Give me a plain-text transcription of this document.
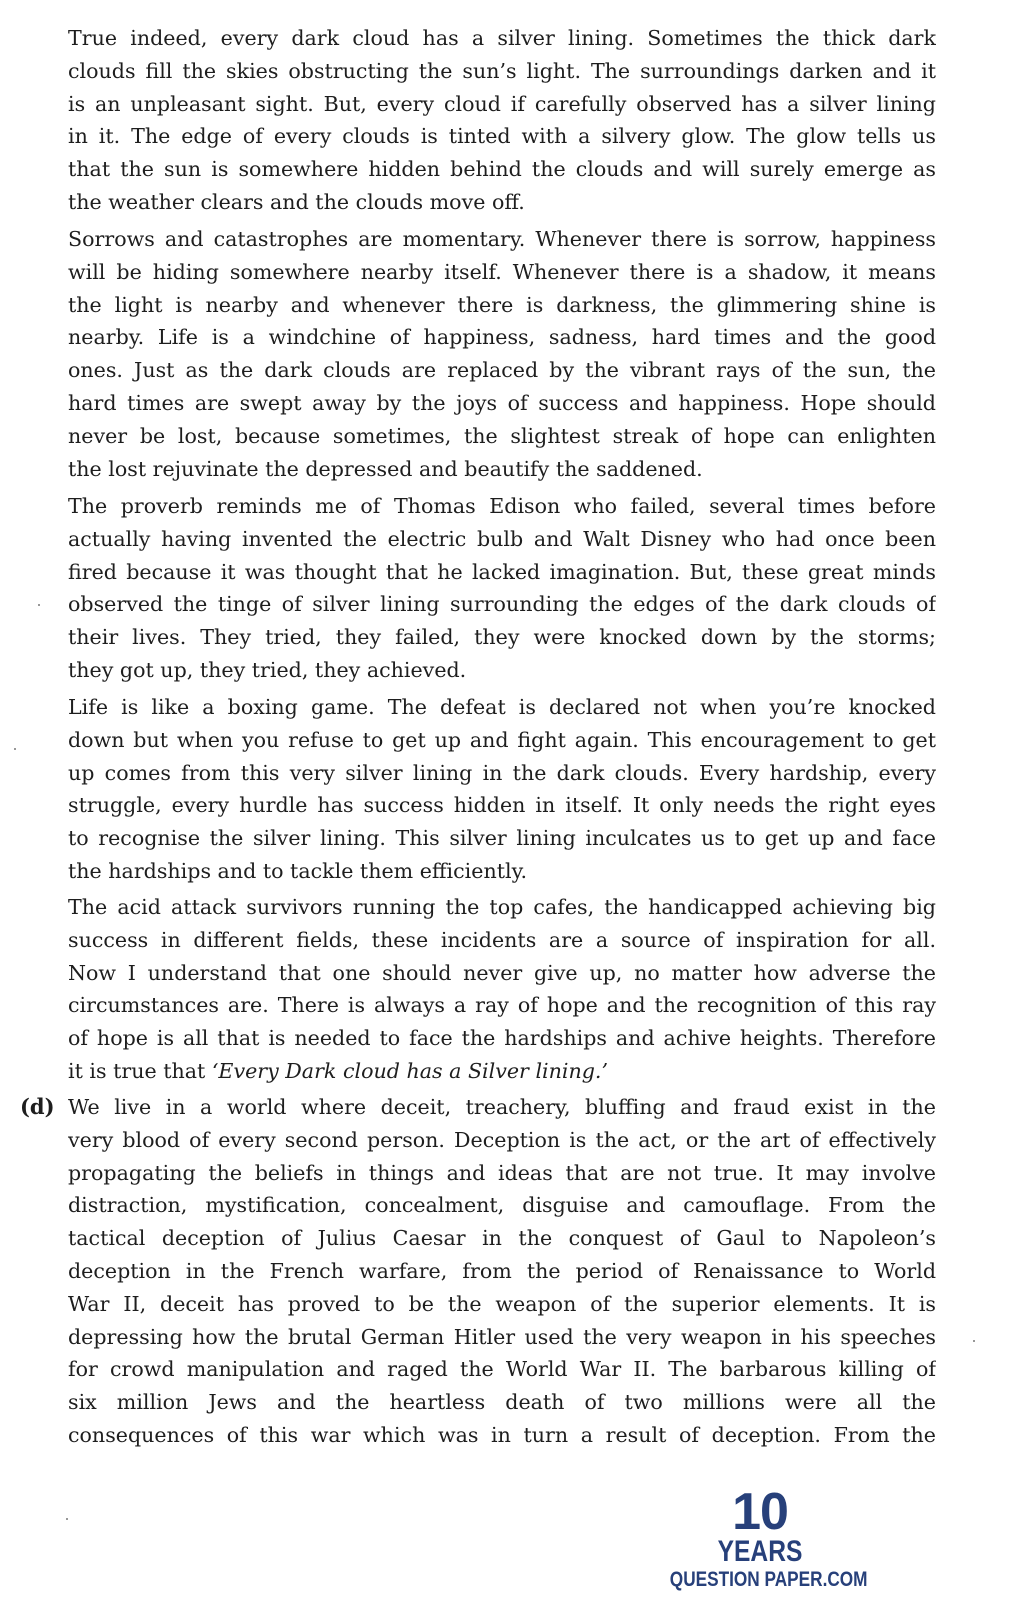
True indeed, every dark cloud has a silver lining. Sometimes the thick dark
clouds fill the skies obstructing the sun’s light. The surroundings darken and it
is an unpleasant sight. But, every cloud if carefully observed has a silver lining
in it. The edge of every clouds is tinted with a silvery glow. The glow tells us
that the sun is somewhere hidden behind the clouds and will surely emerge as
the weather clears and the clouds move off.
Sorrows and catastrophes are momentary. Whenever there is sorrow, happiness
will be hiding somewhere nearby itself. Whenever there is a shadow, it means
the light is nearby and whenever there is darkness, the glimmering shine is
nearby. Life is a windchine of happiness, sadness, hard times and the good
ones. Just as the dark clouds are replaced by the vibrant rays of the sun, the
hard times are swept away by the joys of success and happiness. Hope should
never be lost, because sometimes, the slightest streak of hope can enlighten
the lost rejuvinate the depressed and beautify the saddened.
The proverb reminds me of Thomas Edison who failed, several times before
actually having invented the electric bulb and Walt Disney who had once been
fired because it was thought that he lacked imagination. But, these great minds
observed the tinge of silver lining surrounding the edges of the dark clouds of
their lives. They tried, they failed, they were knocked down by the storms;
they got up, they tried, they achieved.
Life is like a boxing game. The defeat is declared not when you’re knocked
down but when you refuse to get up and fight again. This encouragement to get
up comes from this very silver lining in the dark clouds. Every hardship, every
struggle, every hurdle has success hidden in itself. It only needs the right eyes
to recognise the silver lining. This silver lining inculcates us to get up and face
the hardships and to tackle them efficiently.
The acid attack survivors running the top cafes, the handicapped achieving big
success in different fields, these incidents are a source of inspiration for all.
Now I understand that one should never give up, no matter how adverse the
circumstances are. There is always a ray of hope and the recognition of this ray
of hope is all that is needed to face the hardships and achive heights. Therefore
it is true that ‘Every Dark cloud has a Silver lining.’
(d) We live in a world where deceit, treachery, bluffing and fraud exist in the
very blood of every second person. Deception is the act, or the art of effectively
propagating the beliefs in things and ideas that are not true. It may involve
distraction, mystification, concealment, disguise and camouflage. From the
tactical deception of Julius Caesar in the conquest of Gaul to Napoleon’s
deception in the French warfare, from the period of Renaissance to World
War II, deceit has proved to be the weapon of the superior elements. It is
depressing how the brutal German Hitler used the very weapon in his speeches
for crowd manipulation and raged the World War II. The barbarous killing of
six million Jews and the heartless death of two millions were all the
consequences of this war which was in turn a result of deception. From the
10
YEARS
QUESTION PAPER.COM
